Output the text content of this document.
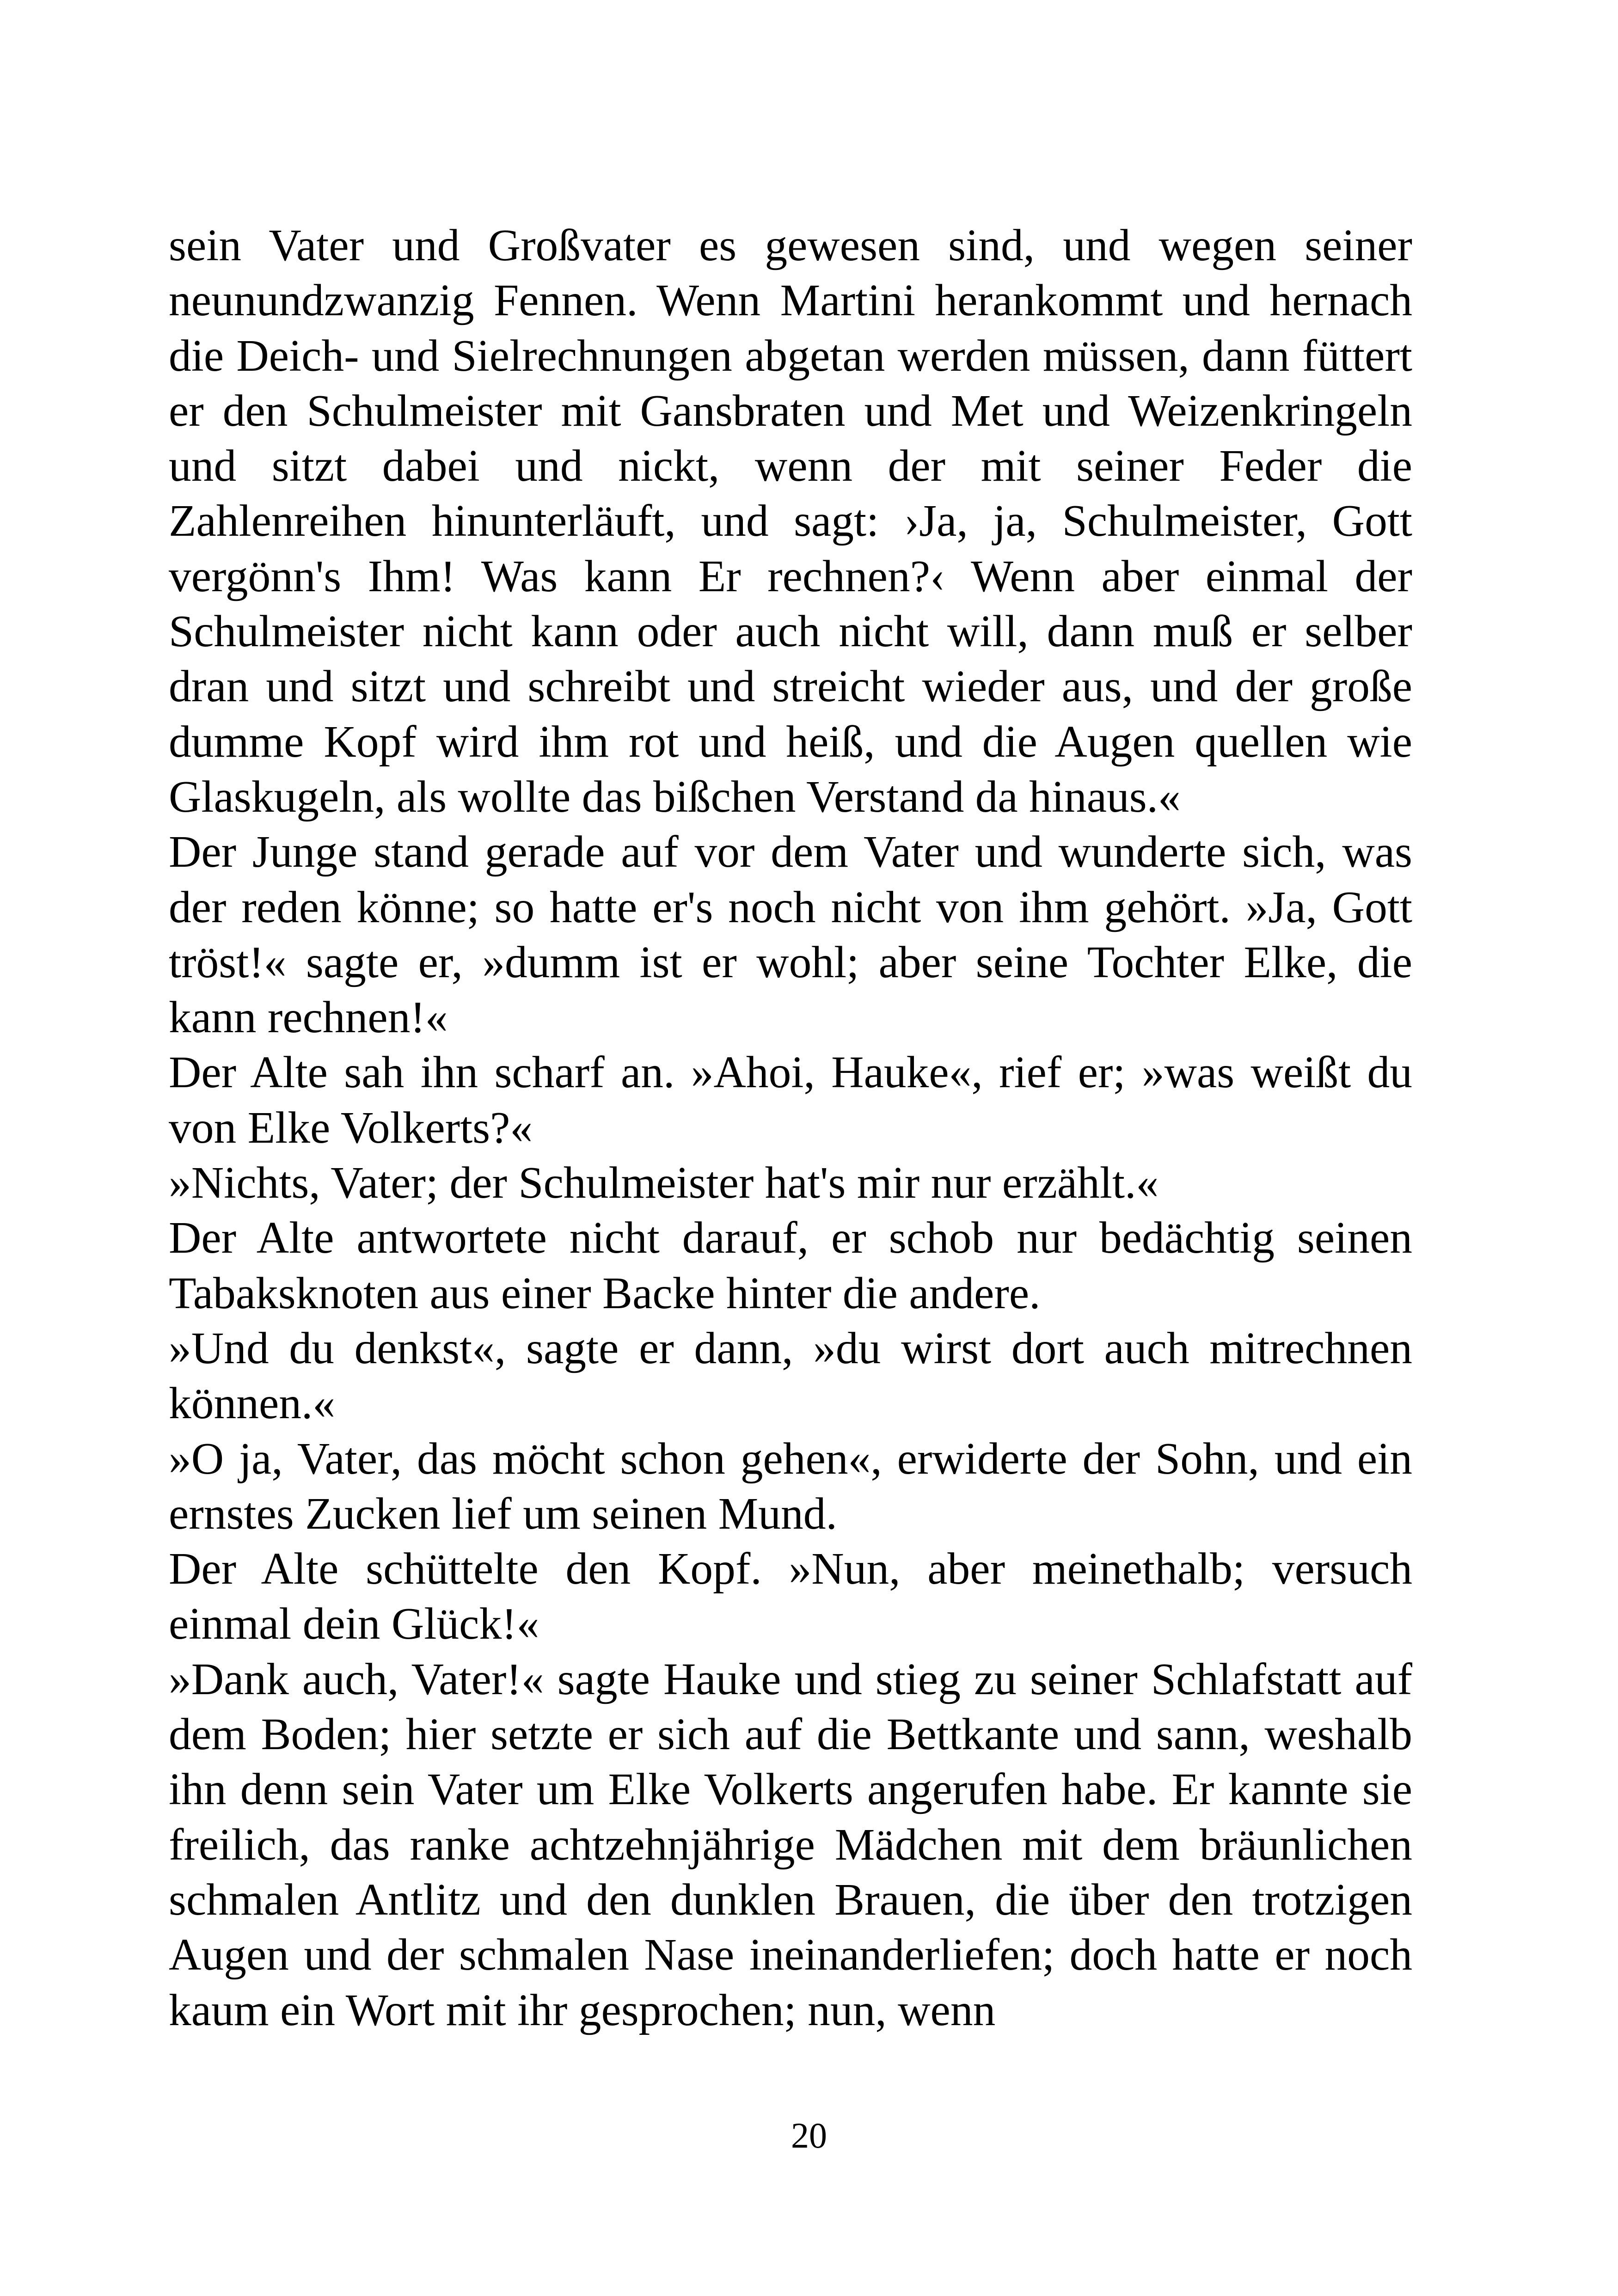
sein Vater und Großvater es gewesen sind, und wegen seiner neunundzwanzig Fennen. Wenn Martini herankommt und hernach die Deich- und Sielrechnungen abgetan werden müssen, dann füttert er den Schulmeister mit Gansbraten und Met und Weizenkringeln und sitzt dabei und nickt, wenn der mit seiner Feder die Zahlenreihen hinunterläuft, und sagt: ›Ja, ja, Schulmeister, Gott vergönn's Ihm! Was kann Er rechnen?‹ Wenn aber einmal der Schulmeister nicht kann oder auch nicht will, dann muß er selber dran und sitzt und schreibt und streicht wieder aus, und der große dumme Kopf wird ihm rot und heiß, und die Augen quellen wie Glaskugeln, als wollte das bißchen Verstand da hinaus.«

Der Junge stand gerade auf vor dem Vater und wunderte sich, was der reden könne; so hatte er's noch nicht von ihm gehört. »Ja, Gott tröst!« sagte er, »dumm ist er wohl; aber seine Tochter Elke, die kann rechnen!«

Der Alte sah ihn scharf an. »Ahoi, Hauke«, rief er; »was weißt du von Elke Volkerts?«

»Nichts, Vater; der Schulmeister hat's mir nur erzählt.«

Der Alte antwortete nicht darauf, er schob nur bedächtig seinen Tabaksknoten aus einer Backe hinter die andere.

»Und du denkst«, sagte er dann, »du wirst dort auch mitrechnen können.«

»O ja, Vater, das möcht schon gehen«, erwiderte der Sohn, und ein ernstes Zucken lief um seinen Mund.

Der Alte schüttelte den Kopf. »Nun, aber meinethalb; versuch einmal dein Glück!«

»Dank auch, Vater!« sagte Hauke und stieg zu seiner Schlafstatt auf dem Boden; hier setzte er sich auf die Bettkante und sann, weshalb ihn denn sein Vater um Elke Volkerts angerufen habe. Er kannte sie freilich, das ranke achtzehnjährige Mädchen mit dem bräunlichen schmalen Antlitz und den dunklen Brauen, die über den trotzigen Augen und der schmalen Nase ineinanderliefen; doch hatte er noch kaum ein Wort mit ihr gesprochen; nun, wenn

20
